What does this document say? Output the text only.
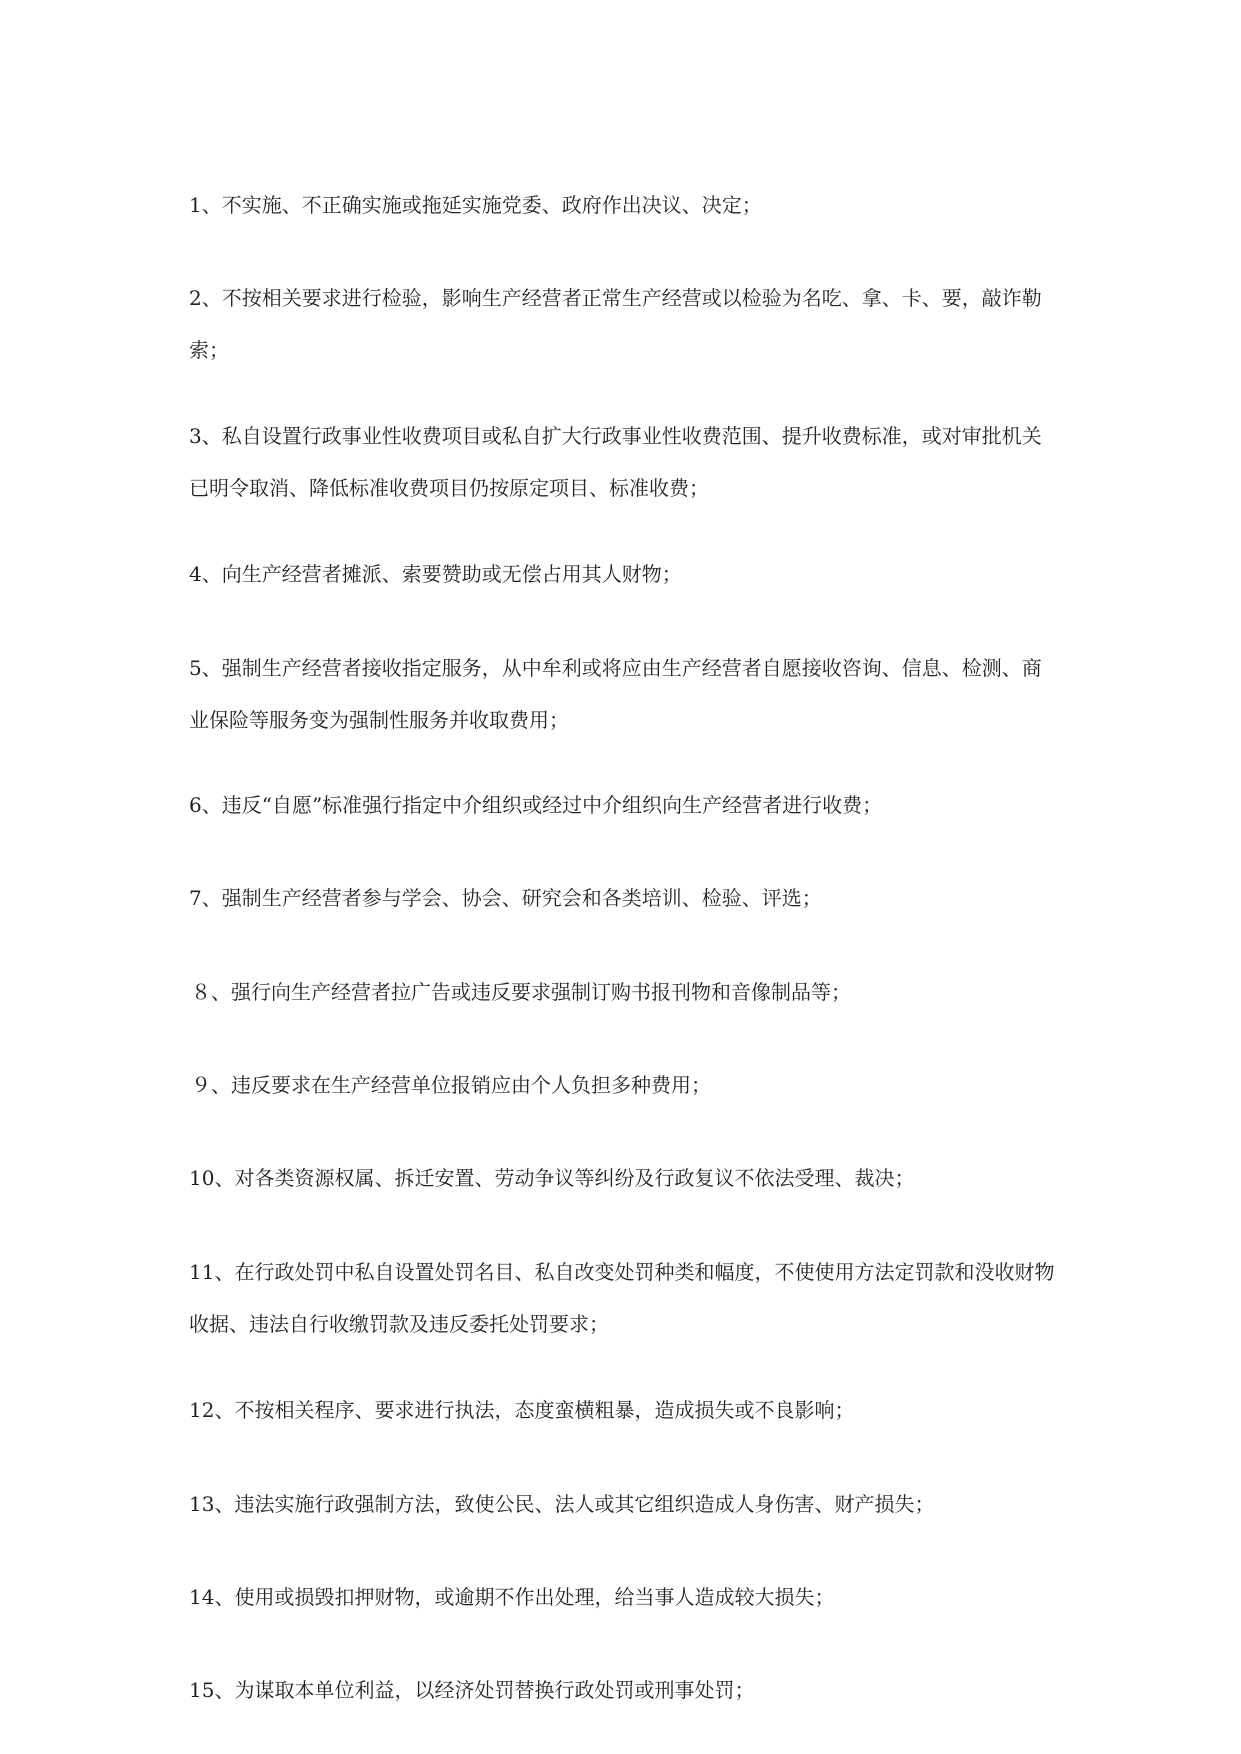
1、不实施、不正确实施或拖延实施党委、政府作出决议、决定；

2、不按相关要求进行检验，影响生产经营者正常生产经营或以检验为名吃、拿、卡、要，敲诈勒索；

3、私自设置行政事业性收费项目或私自扩大行政事业性收费范围、提升收费标准，或对审批机关已明令取消、降低标准收费项目仍按原定项目、标准收费；

4、向生产经营者摊派、索要赞助或无偿占用其人财物；

5、强制生产经营者接收指定服务，从中牟利或将应由生产经营者自愿接收咨询、信息、检测、商业保险等服务变为强制性服务并收取费用；

6、违反“自愿”标准强行指定中介组织或经过中介组织向生产经营者进行收费；

7、强制生产经营者参与学会、协会、研究会和各类培训、检验、评选；

８、强行向生产经营者拉广告或违反要求强制订购书报刊物和音像制品等；

９、违反要求在生产经营单位报销应由个人负担多种费用；

10、对各类资源权属、拆迁安置、劳动争议等纠纷及行政复议不依法受理、裁决；

11、在行政处罚中私自设置处罚名目、私自改变处罚种类和幅度，不使使用方法定罚款和没收财物收据、违法自行收缴罚款及违反委托处罚要求；

12、不按相关程序、要求进行执法，态度蛮横粗暴，造成损失或不良影响；

13、违法实施行政强制方法，致使公民、法人或其它组织造成人身伤害、财产损失；

14、使用或损毁扣押财物，或逾期不作出处理，给当事人造成较大损失；

15、为谋取本单位利益，以经济处罚替换行政处罚或刑事处罚；
